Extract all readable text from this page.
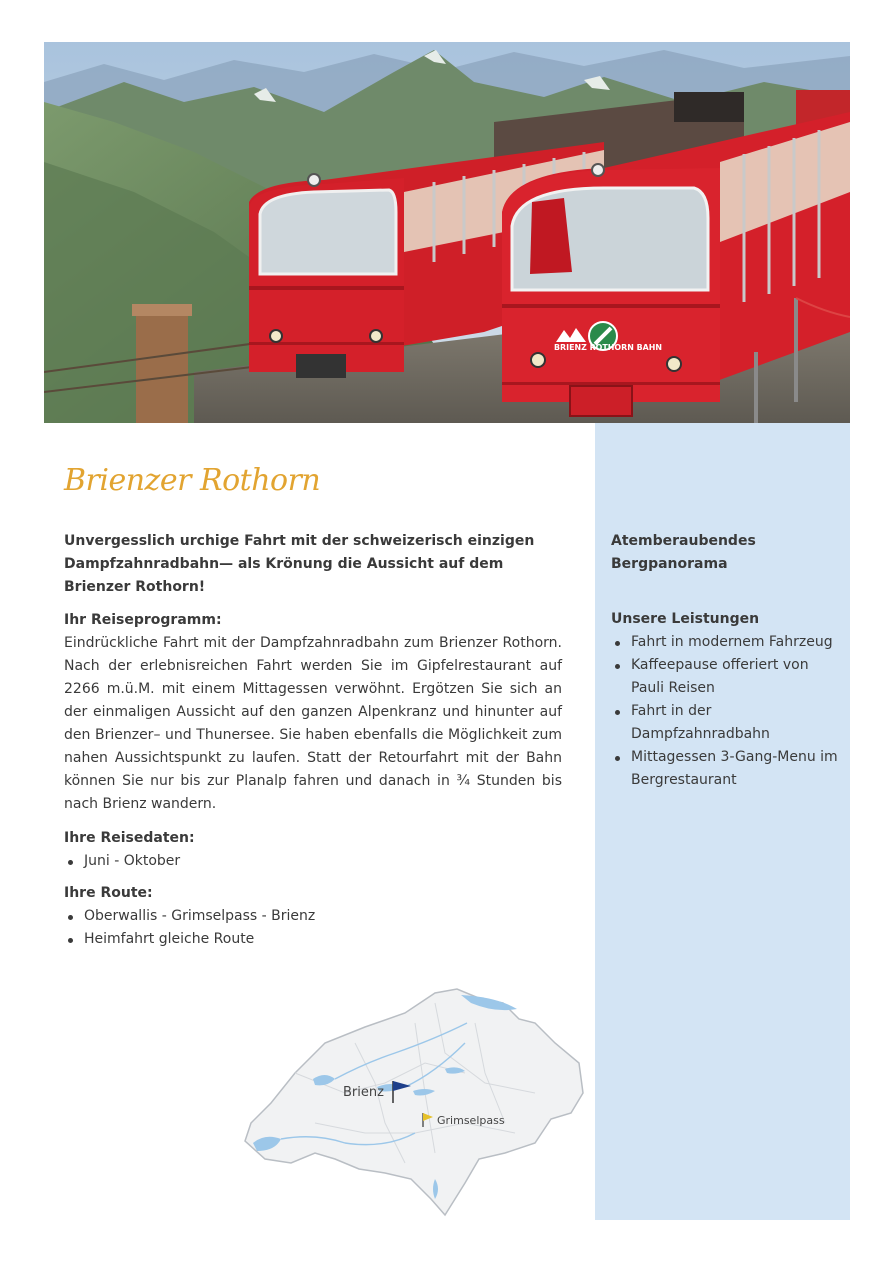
BRIENZ ROTHORN BAHN

Atemberaubendes Bergpanorama

Unsere Leistungen

Fahrt in modernem Fahrzeug
Kaffeepause offeriert von Pauli Reisen
Fahrt in der Dampfzahnradbahn
Mittagessen 3-Gang-Menu im Bergrestaurant
Brienzer Rothorn

Unvergesslich urchige Fahrt mit der schweizerisch einzigen Dampfzahnradbahn— als Krönung die Aussicht auf dem Brienzer Rothorn!

Ihr Reiseprogramm:

Eindrückliche Fahrt mit der Dampfzahnradbahn zum Brienzer Rothorn. Nach der erlebnisreichen Fahrt werden Sie im Gipfelrestaurant auf 2266 m.ü.M. mit einem Mittagessen verwöhnt. Ergötzen Sie sich an der einmaligen Aussicht auf den ganzen Alpenkranz und hinunter auf den Brienzer– und Thunersee. Sie haben ebenfalls die Möglichkeit zum nahen Aussichtspunkt zu laufen. Statt der Retourfahrt mit der Bahn können Sie nur bis zur Planalp fahren und danach in ¾ Stunden bis nach Brienz wandern.

Ihre Reisedaten:

Juni - Oktober

Ihre Route:

Oberwallis - Grimselpass - Brienz
Heimfahrt gleiche Route
Brienz
Grimselpass
